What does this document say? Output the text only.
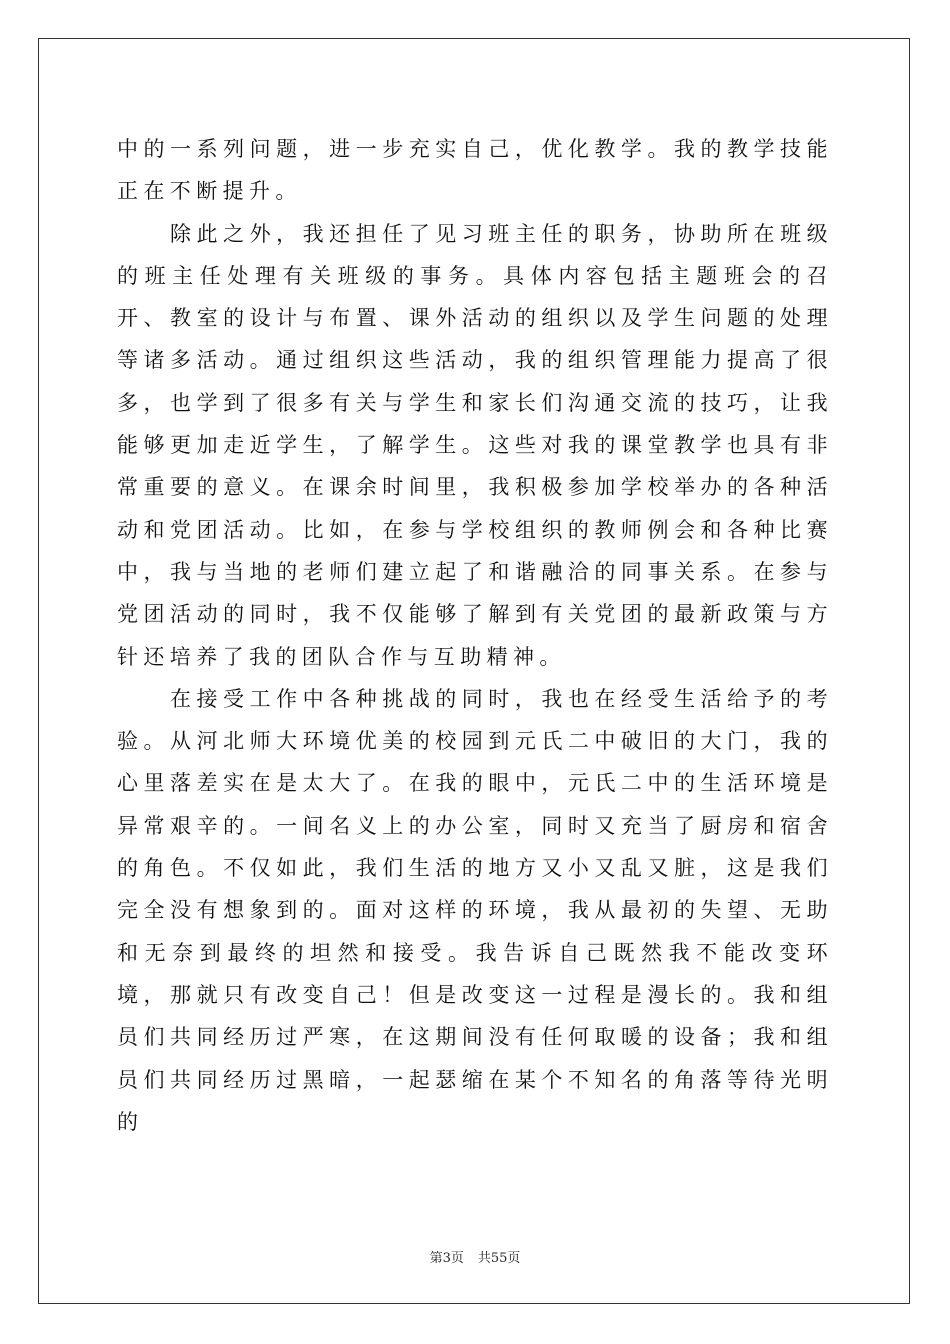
中的一系列问题，进一步充实自己，优化教学。我的教学技能正在不断提升。

除此之外，我还担任了见习班主任的职务，协助所在班级的班主任处理有关班级的事务。具体内容包括主题班会的召开、教室的设计与布置、课外活动的组织以及学生问题的处理等诸多活动。通过组织这些活动，我的组织管理能力提高了很多，也学到了很多有关与学生和家长们沟通交流的技巧，让我能够更加走近学生，了解学生。这些对我的课堂教学也具有非常重要的意义。在课余时间里，我积极参加学校举办的各种活动和党团活动。比如，在参与学校组织的教师例会和各种比赛中，我与当地的老师们建立起了和谐融洽的同事关系。在参与党团活动的同时，我不仅能够了解到有关党团的最新政策与方针还培养了我的团队合作与互助精神。

在接受工作中各种挑战的同时，我也在经受生活给予的考验。从河北师大环境优美的校园到元氏二中破旧的大门，我的心里落差实在是太大了。在我的眼中，元氏二中的生活环境是异常艰辛的。一间名义上的办公室，同时又充当了厨房和宿舍的角色。不仅如此，我们生活的地方又小又乱又脏，这是我们完全没有想象到的。面对这样的环境，我从最初的失望、无助和无奈到最终的坦然和接受。我告诉自己既然我不能改变环境，那就只有改变自己！但是改变这一过程是漫长的。我和组员们共同经历过严寒，在这期间没有任何取暖的设备；我和组员们共同经历过黑暗，一起瑟缩在某个不知名的角落等待光明的

第3页 共55页
